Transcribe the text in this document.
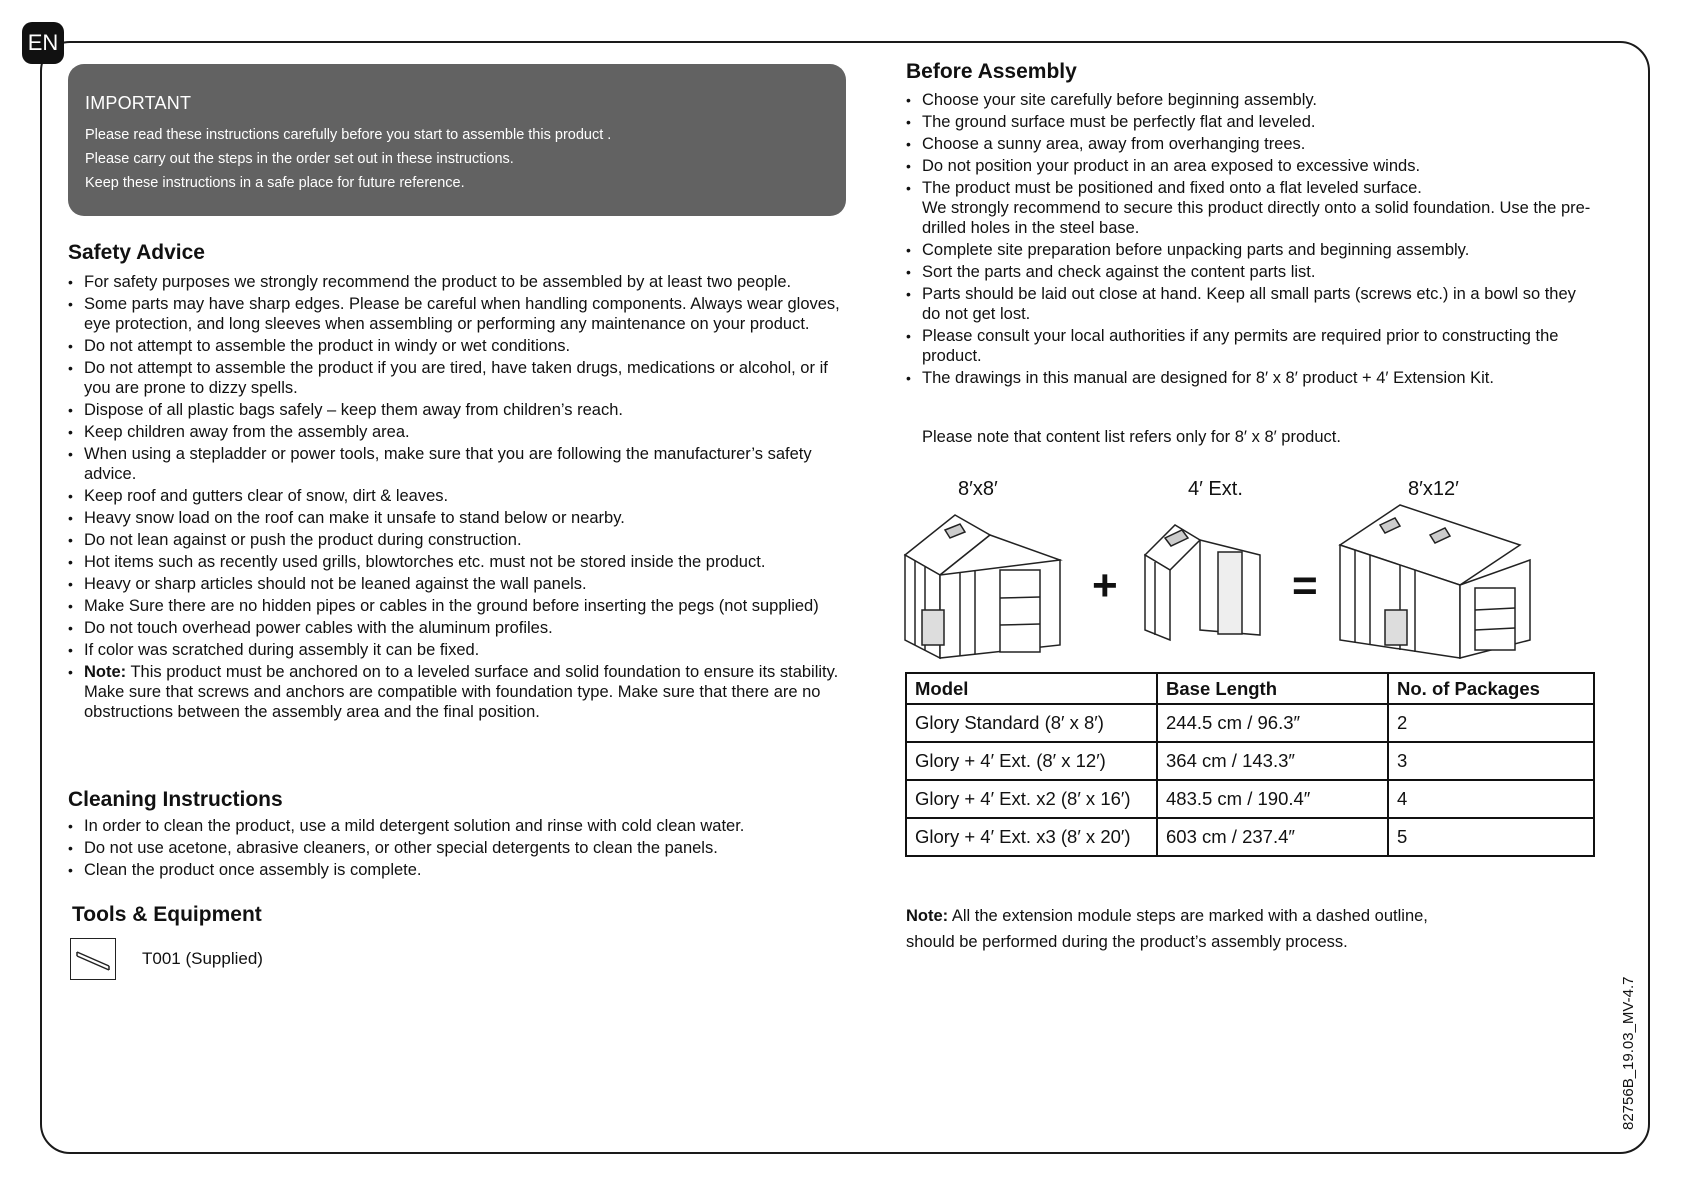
EN
IMPORTANT
Please read these instructions carefully before you start to assemble this product .
Please carry out the steps in the order set out in these instructions.
Keep these instructions in a safe place for future reference.
Safety Advice
• For safety purposes we strongly recommend the product to be assembled by at least two people.
• Some parts may have sharp edges. Please be careful when handling components. Always wear gloves, eye protection, and long sleeves when assembling or performing any maintenance on your product.
• Do not attempt to assemble the product in windy or wet conditions.
• Do not attempt to assemble the product if you are tired, have taken drugs, medications or alcohol, or if you are prone to dizzy spells.
• Dispose of all plastic bags safely – keep them away from children’s reach.
• Keep children away from the assembly area.
• When using a stepladder or power tools, make sure that you are following the manufacturer’s safety advice.
• Keep roof and gutters clear of snow, dirt & leaves.
• Heavy snow load on the roof can make it unsafe to stand below or nearby.
• Do not lean against or push the product during construction.
• Hot items such as recently used grills, blowtorches etc. must not be stored inside the product.
• Heavy or sharp articles should not be leaned against the wall panels.
• Make Sure there are no hidden pipes or cables in the ground before inserting the pegs (not supplied)
• Do not touch overhead power cables with the aluminum profiles.
• If color was scratched during assembly it can be fixed.
• Note: This product must be anchored on to a leveled surface and solid foundation to ensure its stability.
Make sure that screws and anchors are compatible with foundation type. Make sure that there are no obstructions between the assembly area and the final position.
Cleaning Instructions
• In order to clean the product, use a mild detergent solution and rinse with cold clean water.
• Do not use acetone, abrasive cleaners, or other special detergents to clean the panels.
• Clean the product once assembly is complete.
Tools & Equipment
T001 (Supplied)
Before Assembly
• Choose your site carefully before beginning assembly.
• The ground surface must be perfectly flat and leveled.
• Choose a sunny area, away from overhanging trees.
• Do not position your product in an area exposed to excessive winds.
• The product must be positioned and fixed onto a flat leveled surface.
We strongly recommend to secure this product directly onto a solid foundation. Use the pre-drilled holes in the steel base.
• Complete site preparation before unpacking parts and beginning assembly.
• Sort the parts and check against the content parts list.
• Parts should be laid out close at hand. Keep all small parts (screws etc.) in a bowl so they do not get lost.
• Please consult your local authorities if any permits are required prior to constructing the product.
• The drawings in this manual are designed for 8′ x 8′ product + 4′ Extension Kit.
Please note that content list refers only for 8′ x 8′ product.
8′x8′	4′ Ext.	8′x12′
+	=
Model	Base Length	No. of Packages
Glory Standard (8′ x 8′)	244.5 cm / 96.3″	2
Glory + 4′ Ext. (8′ x 12′)	364 cm / 143.3″	3
Glory + 4′ Ext. x2 (8′ x 16′)	483.5 cm / 190.4″	4
Glory + 4′ Ext. x3 (8′ x 20′)	603 cm / 237.4″	5
Note: All the extension module steps are marked with a dashed outline, should be performed during the product’s assembly process.
82756B_19.03_MV-4.7
